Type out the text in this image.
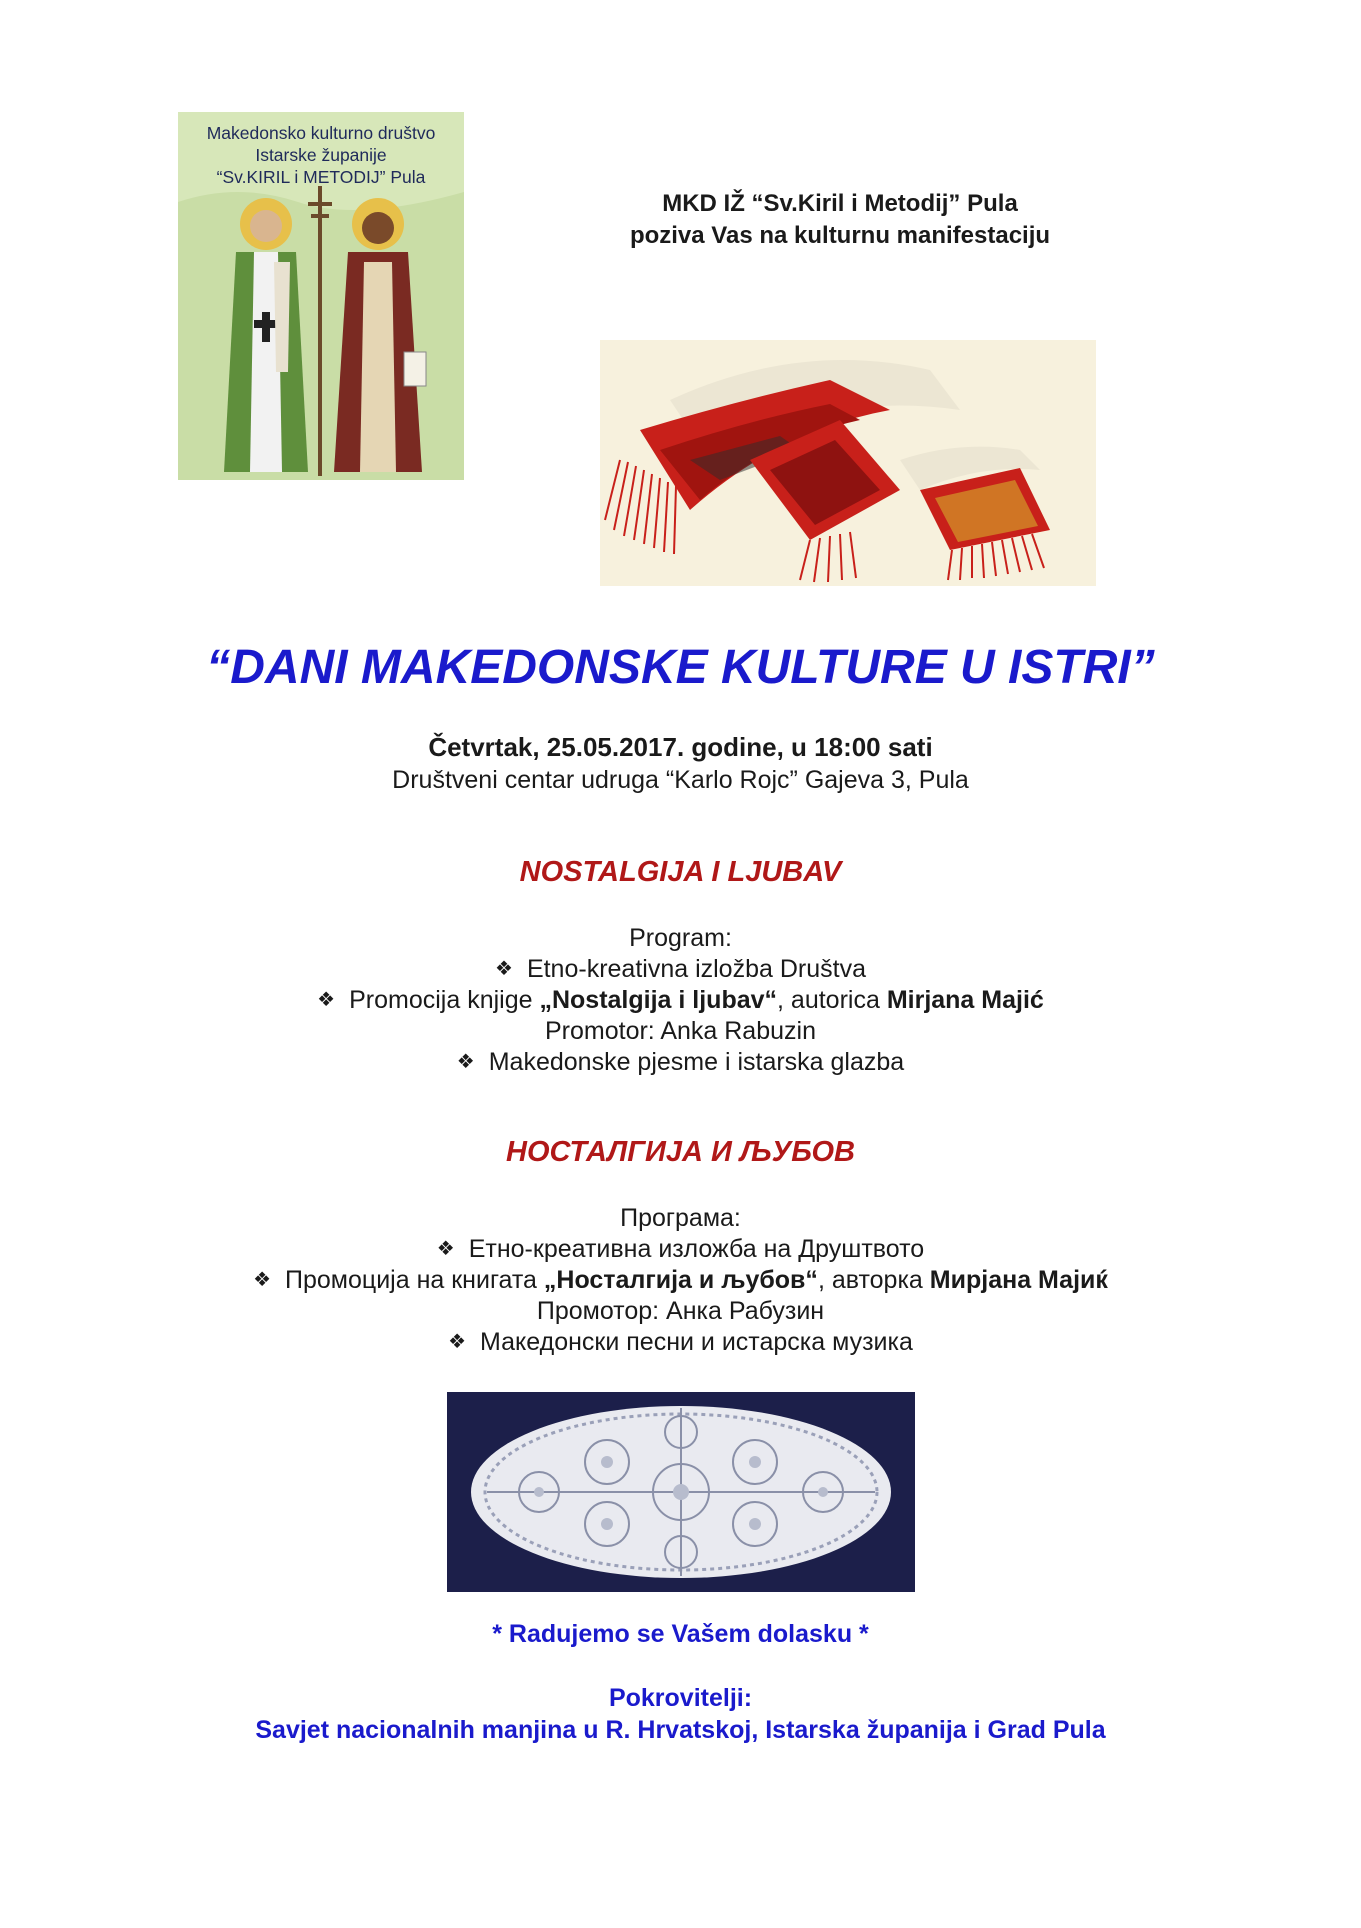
Makedonsko kulturno društvo
Istarske županije
“Sv.KIRIL i METODIJ” Pula
MKD IŽ “Sv.Kiril i Metodij” Pula
poziva Vas na kulturnu manifestaciju
“DANI MAKEDONSKE KULTURE U ISTRI”
Četvrtak, 25.05.2017. godine, u 18:00 sati
Društveni centar udruga “Karlo Rojc” Gajeva 3, Pula
NOSTALGIJA I LJUBAV
Program:
❖ Etno-kreativna izložba Društva
❖ Promocija knjige „Nostalgija i ljubav“, autorica Mirjana Majić
Promotor: Anka Rabuzin
❖ Makedonske pjesme i istarska glazba
НОСТАЛГИЈА И ЉУБОВ
Програма:
❖ Етно-креативна изложба на Друштвото
❖ Промоција на книгата „Носталгија и љубов“, авторка Мирјана Мајиќ
Промотор: Анка Рабузин
❖ Македонски песни и истарска музика
* Radujemo se Vašem dolasku *
Pokrovitelji:
Savjet nacionalnih manjina u R. Hrvatskoj, Istarska županija i Grad Pula
